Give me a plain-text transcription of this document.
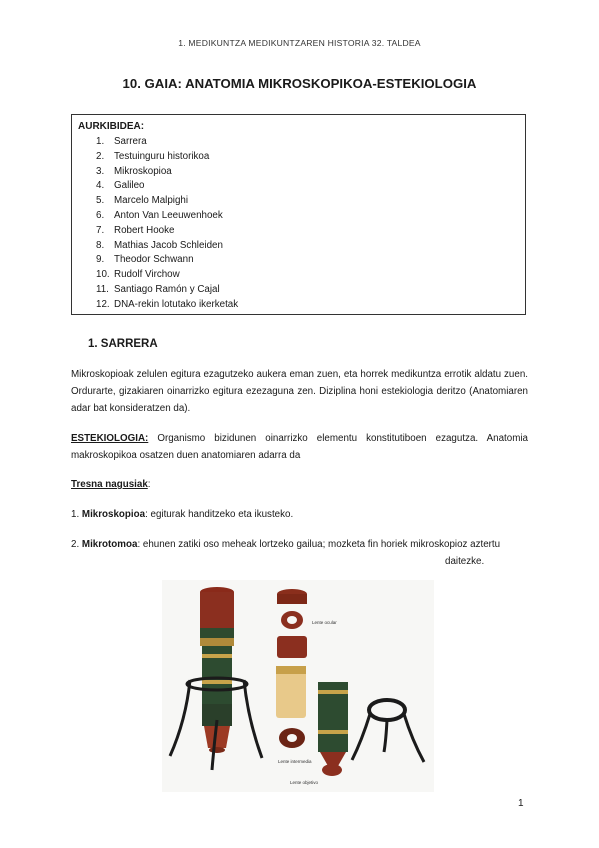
1. MEDIKUNTZA MEDIKUNTZAREN HISTORIA 32. TALDEA
10. GAIA: ANATOMIA MIKROSKOPIKOA-ESTEKIOLOGIA
AURKIBIDEA:
1. Sarrera
2. Testuinguru historikoa
3. Mikroskopioa
4. Galileo
5. Marcelo Malpighi
6. Anton Van Leeuwenhoek
7. Robert Hooke
8. Mathias Jacob Schleiden
9. Theodor Schwann
10. Rudolf Virchow
11. Santiago Ramón y Cajal
12. DNA-rekin lotutako ikerketak
1. SARRERA
Mikroskopioak zelulen egitura ezagutzeko aukera eman zuen, eta horrek medikuntza errotik aldatu zuen. Ordurarte, gizakiaren oinarrizko egitura ezezaguna zen. Diziplina honi estekiologia deritzo (Anatomiaren adar bat konsideratzen da).
ESTEKIOLOGIA: Organismo bizidunen oinarrizko elementu konstitutiboen ezagutza. Anatomia makroskopikoa osatzen duen anatomiaren adarra da
Tresna nagusiak:
1. Mikroskopioa: egiturak handitzeko eta ikusteko.
2. Mikrotomoa: ehunen zatiki oso meheak lortzeko gailua; mozketa fin horiek mikroskopioz aztertu
daitezke.
Lente ocular
Lente intermedia
Lente objetivo
1
